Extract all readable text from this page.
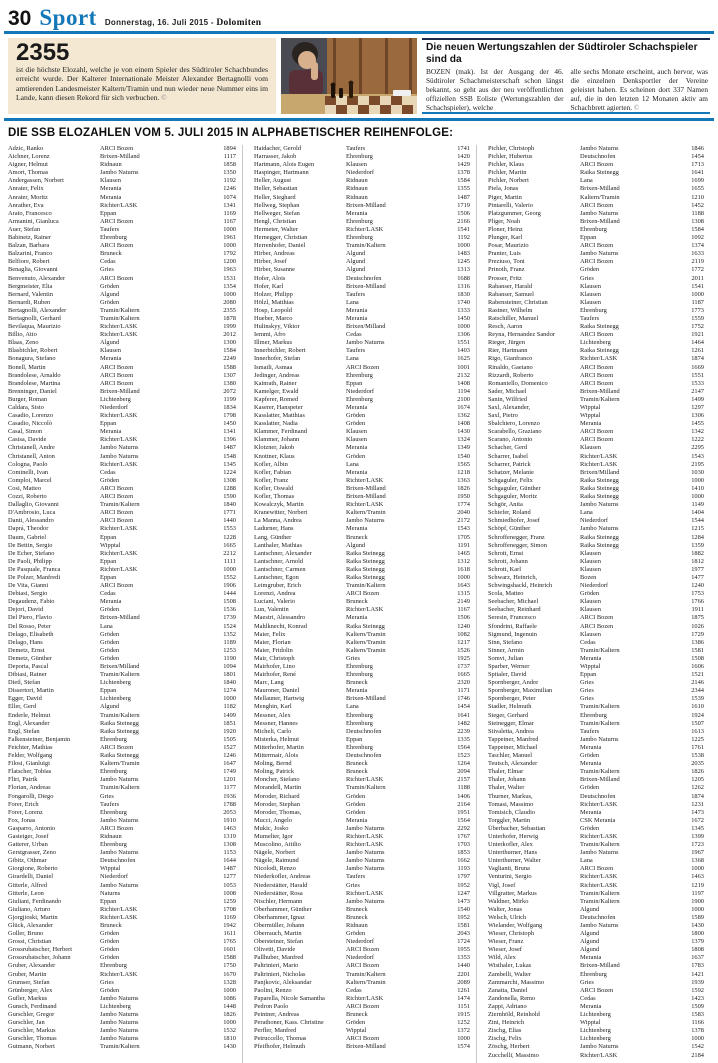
30 Sport Donnerstag, 16. Juli 2015 - Dolomiten
2355
ist die höchste Elozahl, welche je von einem Spieler des Südtiroler Schachbundes erreicht wurde. Der Kalterer Internationale Meister Alexander Bertagnolli vom amtierenden Landesmeister Kaltern/Tramin und nun wieder neue Nummer eins im Lande, kann diesen Rekord für sich verbuchen. ©
Die neuen Wertungszahlen der Südtiroler Schachspieler sind da
BOZEN (mak). Ist der Ausgang der 46. Südtiroler Schachmeisterschaft schon längst bekannt, so geht aus der neu veröffentlichten offiziellen SSB Eoliste (Wertungszahlen der Schachspieler), welche
alle sechs Monate erscheint, auch hervor, was die einzelnen Denksportler der Vereine geleistet haben. Es scheinen dort 337 Namen auf, die in den letzten 12 Monaten aktiv am Schachbrett agierten. ©
DIE SSB ELOZAHLEN VOM 5. JULI 2015 IN ALPHABETISCHER REIHENFOLGE:
Adzic, Ranko	ARCI Bozen	1894
Aichner, Lorenz	Brixen-Milland	1117
Aigner, Helmut	Ridnaun	1858
Amort, Thomas	Jambo Naturns	1350
Andergassen, Norbert	Klausen	1192
Anrater, Felix	Merania	1246
Anrater, Moritz	Merania	1074
Anrather, Eva	Richter/LASK	1341
Arato, Francesco	Eppan	1169
Armanini, Gianluca	ARCI Bozen	1167
Auer, Stefan	Taufers	1000
Babinetz, Rainer	Ehrenburg	1961
Balzan, Barbara	ARCI Bozen	1000
Balzarini, Franco	Bruneck	1792
Belfiore, Robert	Cedas	1200
Benaglia, Giovanni	Gries	1963
Benvenuto, Alexander	ARCI Bozen	1531
Bergmeister, Elia	Gröden	1354
Bernard, Valentin	Algund	1000
Bernardi, Ruben	Gröden	2080
Bertagnolli, Alexander	Tramin/Kaltern	2355
Bertagnolli, Gerhard	Tramin/Kaltern	1878
Bevilaqua, Maurizio	Richter/LASK	1999
Billio, Atto	Richter/LASK	2012
Blaas, Zeno	Algund	1300
Blasbichler, Robert	Klausen	1584
Bonagura, Stefano	Merania	2249
Bonell, Martin	ARCI Bozen	1588
Brandolese, Arnaldo	ARCI Bozen	1307
Brandolese, Martina	ARCI Bozen	1380
Brenninger, Daniel	Brixen-Milland	2072
Burger, Roman	Lichtenberg	1199
Caldara, Sisto	Niederdorf	1834
Casadio, Lorenzo	Richter/LASK	1798
Casadio, Niccolò	Eppan	1450
Casal, Simon	Merania	1341
Casisa, Davide	Richter/LASK	1396
Christanell, Andre	Jambo Naturns	1487
Christanell, Anton	Jambo Naturns	1548
Cologna, Paolo	Richter/LASK	1345
Cominelli, Ivan	Cedas	1224
Comploi, Marcel	Gröden	1308
Cosi, Matteo	ARCI Bozen	1288
Cozzi, Roberto	ARCI Bozen	1590
Dallaglio, Giovanni	Tramin/Kaltern	1840
D'Ambrosio, Luca	ARCI Bozen	1771
Danti, Alessandro	ARCI Bozen	1440
Daprá, Theodor	Richter/LASK	1553
Daum, Gabriel	Eppan	1228
De Bettin, Sergio	Wipptal	1665
De Echer, Stefano	Richter/LASK	2212
De Paoli, Philipp	Eppan	1111
De Pasquale, Franca	Richter/LASK	1000
De Polzer, Manfredi	Eppan	1552
De Vita, Gianni	ARCI Bozen	1906
Debiasi, Sergio	Cedas	1444
Degaudenz, Fabio	Merania	1508
Dejori, David	Gröden	1536
Del Piero, Flavio	Brixen-Milland	1739
Del Rosso, Peter	Lana	1524
Delago, Elisabeth	Gröden	1352
Delago, Hans	Gröden	1189
Demetz, Ernst	Gröden	1253
Demetz, Günther	Gröden	1190
Deporta, Pascal	Brixen/Milland	1094
Dibiasi, Rainer	Tramin/Kaltern	1801
Dietl, Stefan	Lichtenberg	1840
Dissertori, Martin	Eppan	1274
Egger, David	Lichtenberg	1000
Eller, Gerd	Algund	1182
Enderle, Helmut	Tramin/Kaltern	1499
Engl, Alexander	Raika Steinegg	1851
Engl, Stefan	Raika Steinegg	1920
Falkensteiner, Benjamin	Ehrenburg	1505
Feichter, Mathias	ARCI Bozen	1527
Felder, Wolfgang	Raika Steinegg	1246
Filosi, Gianluigi	Kaltern/Tramin	1647
Flatscher, Tobias	Ehrenburg	1749
Fliri, Patrik	Jambo Naturns	1201
Florian, Andreas	Tramin/Kaltern	1177
Fongarolli, Diego	Gries	1936
Forer, Erich	Taufers	1788
Forer, Lorenz	Ehrenburg	2053
Fox, Jonas	Jambo Naturns	1910
Gasparro, Antonio	ARCI Bozen	1463
Gasteiger, Josef	Ridnaun	1319
Gatterer, Urban	Ehrenburg	1308
Gerstgrasser, Zeno	Jambo Naturns	1153
Gibitz, Othmar	Deutschnofen	1644
Giorgione, Roberto	Wipptal	1487
Girardelli, Daniel	Niederdorf	1277
Gitterle, Alfred	Jambo Naturns	1053
Gitterle, Leon	Naturns	1008
Giuliani, Ferdinando	Eppan	1259
Giuliano, Arturo	Richter/LASK	1708
Gjorgjioski, Martin	Richter/LASK	1169
Glück, Alexander	Bruneck	1942
Goller, Bruno	Gröden	1611
Grossi, Christian	Gröden	1765
Grossrubatscher, Herbert	Gröden	1601
Grossrubatscher, Johann	Gröden	1588
Gruber, Alexander	Ehrenburg	1750
Gruber, Martin	Richter/LASK	1670
Grumser, Stefan	Gries	1328
Grünberger, Alex	Gröden	1000
Gufler, Markus	Jambo Naturns	1086
Gunsch, Ferdinand	Lichtenberg	1448
Gurschler, Gregor	Jambo Naturns	1826
Gurschler, Jan	Jambo Naturns	1000
Gurschler, Markus	Jambo Naturns	1532
Gurschler, Thomas	Jambo Naturns	1810
Gutmann, Norbert	Tramin/Kaltern	1430
Haidacher, Gerold	Taufers	1741
Harrasser, Jakob	Ehrenburg	1420
Hartmann, Alois Eugen	Klausen	1429
Haspinger, Hartmann	Niederdorf	1378
Heller, August	Ridnaun	1584
Heller, Sebastian	Ridnaun	1355
Heller, Sieghard	Ridnaun	1487
Hellweg, Stephan	Brixen-Milland	1719
Hellweger, Stefan	Merania	1506
Hengl, Christian	Ehrenburg	2166
Hermeter, Walter	Richter/LASK	1541
Hernegger, Christian	Ehrenburg	1192
Herrenhofer, Daniel	Tramin/Kaltern	1000
Hirber, Andreas	Algund	1483
Hirber, Josef	Algund	1245
Hirber, Susanne	Algund	1313
Hofer, Alois	Deutschnofen	1688
Hofer, Karl	Brixen-Milland	1316
Holzer, Philipp	Taufers	1830
Hölzl, Matthias	Lana	1740
Hosp, Leopold	Merania	1333
Hueber, Marco	Merania	1450
Hulinskyy, Viktor	Brixen/Milland	1000
Iemmi, Afro	Cedas	1306
Illmer, Markus	Jambo Naturns	1551
Innerbichler, Robert	Taufers	1403
Innerhofer, Stefan	Lana	1625
Ismaili, Asmaa	ARCI Bozen	1001
Jedinger, Andreas	Ehrenburg	2132
Kainrath, Rainer	Eppan	1408
Kamelger, Ewald	Niederdorf	1194
Kapferer, Romed	Ehrenburg	2100
Kaserer, Hanspeter	Merania	1674
Kasslatter, Matthias	Gröden	1362
Kasslatter, Nadia	Gröden	1408
Klammer, Ferdinand	Klausen	1430
Klammer, Johann	Klausen	1324
Klotzner, Jakob	Merania	1349
Knottner, Klaus	Gröden	1540
Kofler, Albin	Lana	1565
Kofler, Fabian	Merania	1218
Kofler, Franz	Richter/LASK	1363
Kofler, Oswald	Brixen-Milland	1826
Kofler, Thomas	Brixen-Milland	1950
Kowalczyk, Martin	Richter/LASK	1774
Kranewitter, Norbert	Kaltern/Tramin	2040
La Manna, Andrea	Jambo Naturns	2172
Ladurner, Hans	Merania	1543
Lang, Günther	Bruneck	1705
Lanthaler, Mathias	Algund	1191
Lantschner, Alexander	Raika Steinegg	1465
Lantschner, Arnold	Raika Steinegg	1312
Lantschner, Carmen	Raika Steinegg	1618
Lantschner, Egon	Raika Steinegg	1000
Leimgruber, Erich	Tramin/Kaltern	1643
Lorenzi, Andrea	ARCI Bozen	1315
Luciani, Valerio	Bruneck	2149
Lun, Valentin	Richter/LASK	1167
Maestri, Alessandro	Merania	1506
Mahlknecht, Konrad	Raika Steinegg	1240
Maier, Felix	Kaltern/Tramin	1082
Maier, Florian	Kaltern/Tramin	1217
Maier, Fridolin	Kaltern/Tramin	1526
Mair, Christoph	Gries	1925
Mairhofer, Lino	Ehrenburg	1737
Mairhofer, René	Ehrenburg	1665
Marc, Lang	Bruneck	2320
Mauroner, Daniel	Merania	1171
Mellauner, Hartwig	Brixen-Milland	1746
Menghin, Karl	Lana	1454
Messner, Alex	Ehrenburg	1641
Messner, Hannes	Ehrenburg	1482
Micheli, Carlo	Deutschnofen	2239
Misterka, Helmut	Eppan	1335
Mitterhofer, Martin	Ehrenburg	1564
Mittermair, Alois	Deutschnofen	1523
Moling, Bernd	Bruneck	1264
Moling, Patrick	Bruneck	2094
Moncher, Stefano	Richter/LASK	2157
Morandell, Martin	Tramin/Kaltern	1188
Moroder, Richard	Gröden	1406
Moroder, Stephan	Gröden	2164
Moroder, Thomas,	Gröden	1951
Mucci, Angelo	Merania	1564
Mukic, Josko	Jambo Naturns	2292
Mumelter, Igor	Richter/LASK	1767
Muscolino, Attilio	Richter/LASK	1703
Nägele, Norbert	Jambo Naturns	1853
Nägele, Raimund	Jambo Naturns	1662
Nicolodi, Renzo	Jambo Naturns	1193
Niederkofler, Andreas	Taufers	1797
Niederstätter, Harald	Gries	1952
Niederstätter, Rosa	Richter/LASK	1247
Nischler, Hermann	Jambo Naturns	1473
Oberhammer, Günther	Bruneck	1540
Oberhammer, Ignaz	Bruneck	1952
Obermüller, Johann	Ridnaun	1581
Oberrauch, Martin	Gröden	2043
Obersteiner, Stefan	Niederdorf	1724
Olivetti, Davide	ARCI Bozen	1955
Pallhuber, Manfred	Niederdorf	1353
Paltrinieri, Mario	ARCI Bozen	1440
Paltrinieri, Nicholas	Tramin/Kaltern	2201
Panjkovic, Aleksandar	Kaltern/Tramin	2089
Paolini, Renzo	Cedas	1261
Paparella, Nicole Samantha	Richter/LASK	1474
Pedron Paolo	ARCI Bozen	1151
Peintner, Andreas	Bruneck	1915
Perathoner, Kass. Christine	Gröden	1252
Perfler, Manfred	Wipptal	1372
Petruccello, Thomas	ARCI Bozen	1000
Pfeifhofer, Helmuth	Brixen-Milland	1574
Pichler, Christoph	Jambo Naturns	1846
Pichler, Hubertus	Deutschnofen	1454
Pichler, Klaus	ARCI Bozen	1713
Pichler, Martin	Raika Steinegg	1641
Pichler, Norbert	Lana	1699
Piela, Jonas	Brixen-Milland	1655
Piger, Martin	Kaltern/Tramin	1210
Pintarelli, Valerio	ARCI Bozen	1452
Platzgummer, Georg	Jambo Naturns	1188
Pliger, Noah	Brixen-Milland	1308
Ploner, Heinz	Ehrenburg	1584
Plunger, Karl	Eppan	1092
Posar, Maurizio	ARCI Bozen	1374
Pranter, Luis	Jambo Naturns	1633
Preziuso, Toni	ARCI Bozen	2119
Prinoth, Franz	Gröden	1772
Prosser, Fritz	Gries	2011
Rabanser, Harald	Klausen	1541
Rabanser, Samuel	Klausen	1000
Rabensteiner, Christian	Klausen	1187
Rastner, Wilhelm	Ehrenburg	1773
Ratschiller, Manuel	Taufers	1559
Resch, Aaron	Raika Steinegg	1752
Reyna, Hernandez Sandor	ARCI Bozen	1921
Rieger, Jürgen	Lichtenberg	1464
Rier, Hartmann	Raika Steinegg	1261
Rigo, Gianfranco	Richter/LASK	1874
Rinaldo, Gaetano	ARCI Bozen	1669
Rizzardi, Roberto	ARCI Bozen	1551
Romaniello, Domenico	ARCI Bozen	1533
Sader, Michael	Brixen-Milland	2147
Sanin, Wilfried	Tramin/Kaltern	1499
Saxl, Alexander,	Wipptal	1297
Saxl, Pietro	Wipptal	1306
Sbalchiero, Lorenzo	Merania	1455
Scarabello, Graziano	ARCI Bozen	1342
Scarano, Antonio	ARCI Bozen	1222
Schacher, Gerd	Klausen	2295
Scharrer, Isabel	Richter/LASK	1543
Scharrer, Patrick	Richter/LASK	2195
Schatzer, Melanie	Brixen/Milland	1030
Schgaguler, Felix	Raika Steinegg	1000
Schgaguler, Günther	Raika Steinegg	1410
Schgaguler, Moritz	Raika Steinegg	1000
Schgör, Anita	Jambo Naturns	1149
Schiefer, Roland	Lana	1404
Schmiedhofer, Josef	Niederdorf	1544
Schöpf, Günther	Jambo Naturns	1215
Schroffenegger, Franz	Raika Steinegg	1284
Schroffenegger, Simon	Raika Steinegg	1359
Schrott, Ernst	Klausen	1882
Schrott, Johann	Klausen	1812
Schrott, Karl	Klausen	1977
Schwarz, Heinrich,	Bozen	1477
Schwingshackl, Heinrich	Niederdorf	1240
Scola, Matteo	Gröden	1753
Seebacher, Michael	Klausen	1766
Seebacher, Reinhard	Klausen	1911
Seresin, Francesco	ARCI Bozen	1875
Sfondrini, Raffaele	ARCI Bozen	1026
Sigmund, Ingenuin	Klausen	1729
Sinn, Stefano	Cedas	1386
Sinner, Armin	Tramin/Kaltern	1581
Somvi, Julian	Merania	1508
Sparber, Werner	Wipptal	1606
Spitaler, David	Eppan	1521
Spornberger, Andre	Gries	2146
Spornberger, Maximilian	Gries	2344
Spornberger, Peter	Gries	1539
Stadler, Helmuth	Tramin/Kaltern	1610
Steger, Gerhard	Ehrenburg	1924
Steinegger, Elmar	Tramin/Kaltern	1507
Stivaletta, Andrea	Taufers	1613
Tappeiner, Manfred	Jambo Naturns	1225
Tappeiner, Michael	Merania	1761
Taschler, Manuel	Gröden	1538
Teutsch, Alexander	Merania	2035
Thaler, Elmar	Tramin/Kaltern	1826
Thaler, Johann	Brixen-Milland	1205
Thaler, Walter	Gröden	1262
Thurner, Markus,	Deutschnofen	1874
Tomasi, Massimo	Richter/LASK	1231
Tomisich, Claudio	Merania	1473
Torggler, Martin	CSK Merania	1672
Überbacher, Sebastian	Gröden	1345
Unterhofer, Herwig	Richter/LASK	1399
Unterkofler, Alex	Tramin/Kaltern	1723
Unterthurner, Hans	Jambo Naturns	1967
Unterthurner, Walter	Lana	1368
Vaglianti, Bruna	ARCI Bozen	1000
Venturini, Sergio	Richter/LASK	1463
Vigl, Josef	Richter/LASK	1219
Villgratter, Markus	Tramin/Kaltern	1197
Waldner, Mirko	Tramin/Kaltern	1900
Walter, Jonas	Algund	1000
Welsch, Ulrich	Deutschnofen	1589
Wielander, Wolfgang	Jambo Naturns	1430
Wieser, Christoph	Algund	1800
Wieser, Franz	Algund	1379
Wieser, Josef	Algund	1808
Wild, Alex	Merania	1637
Wisthaler, Lukas	Brixen-Milland	1783
Zambelli, Walter	Ehrenburg	1421
Zammarchi, Massimo	Gries	1939
Zanatta, Daniel	ARCI Bozen	1592
Zandonella, Remo	Cedas	1423
Zappi, Adriano	Merania	1509
Ziernhöld, Reinhold	Lichtenberg	1583
Zini, Heinrich	Wipptal	1166
Zischg, Elias	Lichtenberg	1378
Zischg, Felix	Lichtenberg	1000
Zöschg, Herbert	Jambo Naturns	1542
Zucchelli, Massimo	Richter/LASK	2184
